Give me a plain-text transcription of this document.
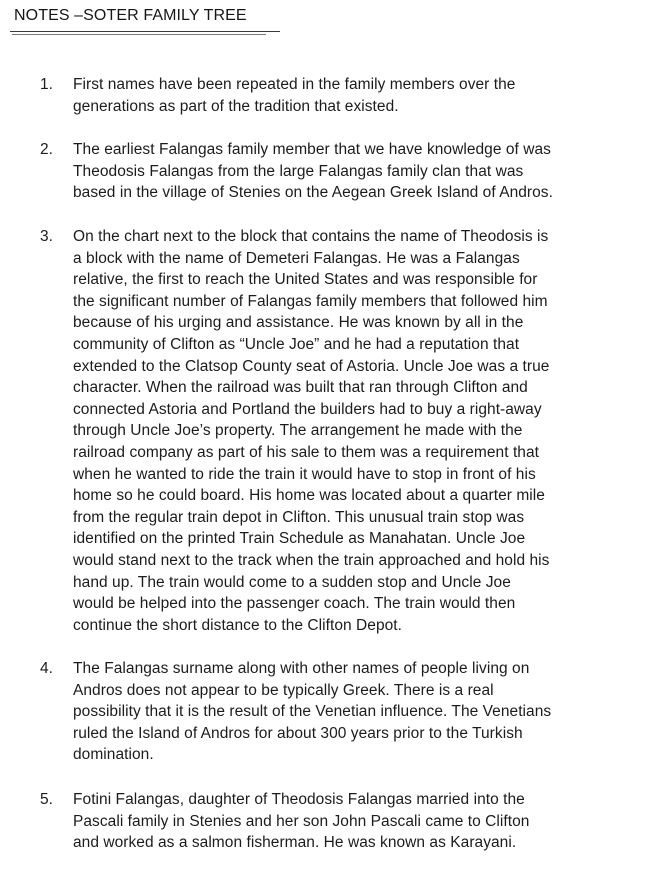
NOTES –SOTER FAMILY TREE
1. First names have been repeated in the family members over the
generations as part of the tradition that existed.
2. The earliest Falangas family member that we have knowledge of was
Theodosis Falangas from the large Falangas family clan that was
based in the village of Stenies on the Aegean Greek Island of Andros.
3. On the chart next to the block that contains the name of Theodosis is
a block with the name of Demeteri Falangas. He was a Falangas
relative, the first to reach the United States and was responsible for
the significant number of Falangas family members that followed him
because of his urging and assistance. He was known by all in the
community of Clifton as “Uncle Joe” and he had a reputation that
extended to the Clatsop County seat of Astoria. Uncle Joe was a true
character. When the railroad was built that ran through Clifton and
connected Astoria and Portland the builders had to buy a right-away
through Uncle Joe’s property. The arrangement he made with the
railroad company as part of his sale to them was a requirement that
when he wanted to ride the train it would have to stop in front of his
home so he could board. His home was located about a quarter mile
from the regular train depot in Clifton. This unusual train stop was
identified on the printed Train Schedule as Manahatan. Uncle Joe
would stand next to the track when the train approached and hold his
hand up. The train would come to a sudden stop and Uncle Joe
would be helped into the passenger coach. The train would then
continue the short distance to the Clifton Depot.
4. The Falangas surname along with other names of people living on
Andros does not appear to be typically Greek. There is a real
possibility that it is the result of the Venetian influence. The Venetians
ruled the Island of Andros for about 300 years prior to the Turkish
domination.
5. Fotini Falangas, daughter of Theodosis Falangas married into the
Pascali family in Stenies and her son John Pascali came to Clifton
and worked as a salmon fisherman. He was known as Karayani.
